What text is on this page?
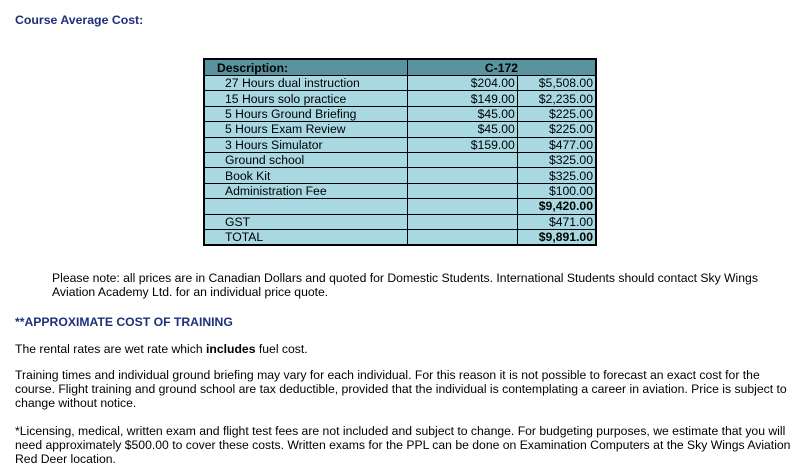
Course Average Cost:
Description:	C-172	
27 Hours dual instruction	$204.00	$5,508.00
15 Hours solo practice	$149.00	$2,235.00
5 Hours Ground Briefing	$45.00	$225.00
5 Hours Exam Review	$45.00	$225.00
3 Hours Simulator	$159.00	$477.00
Ground school		$325.00
Book Kit		$325.00
Administration Fee		$100.00
		$9,420.00
GST		$471.00
TOTAL		$9,891.00
Please note: all prices are in Canadian Dollars and quoted for Domestic Students. International Students should contact Sky Wings Aviation Academy Ltd. for an individual price quote.
**APPROXIMATE COST OF TRAINING
The rental rates are wet rate which includes fuel cost.
Training times and individual ground briefing may vary for each individual. For this reason it is not possible to forecast an exact cost for the course. Flight training and ground school are tax deductible, provided that the individual is contemplating a career in aviation. Price is subject to change without notice.
*Licensing, medical, written exam and flight test fees are not included and subject to change. For budgeting purposes, we estimate that you will need approximately $500.00 to cover these costs. Written exams for the PPL can be done on Examination Computers at the Sky Wings Aviation Red Deer location.
